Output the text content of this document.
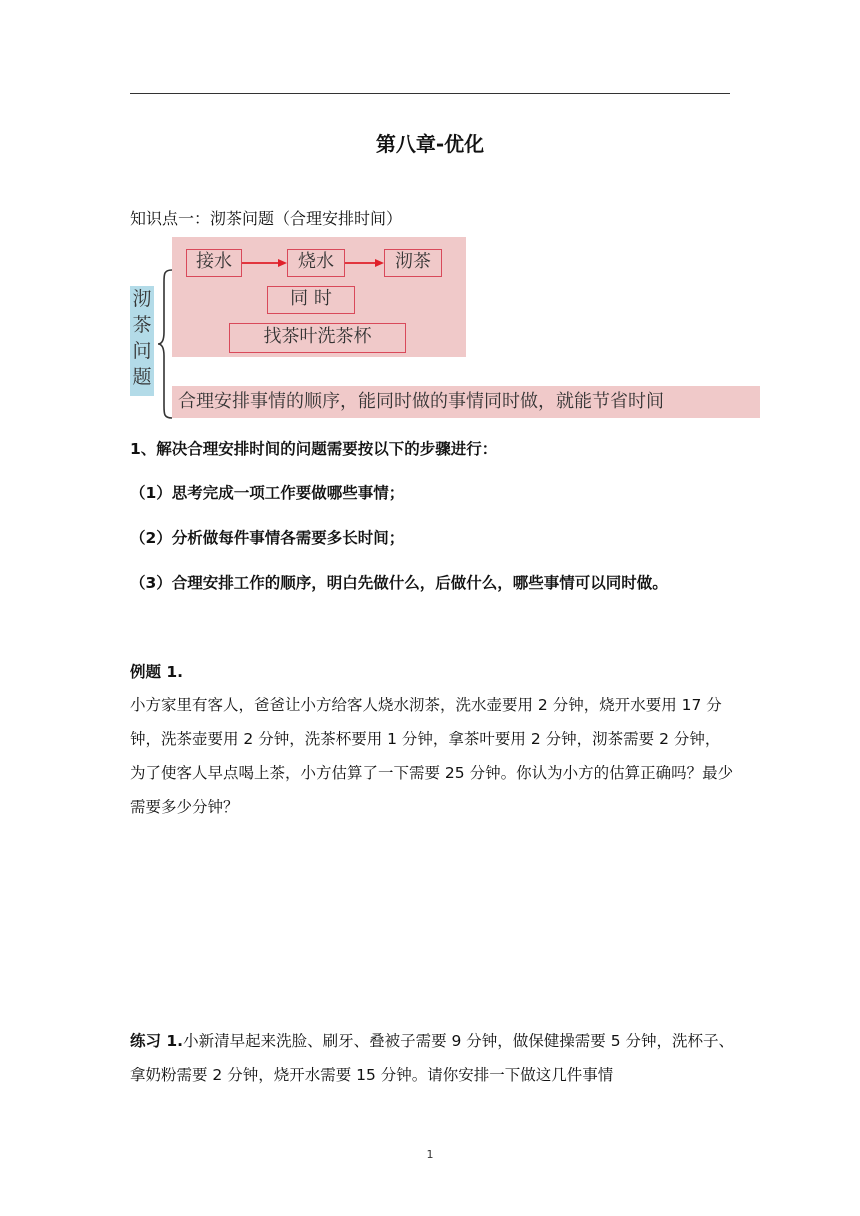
第八章-优化
知识点一：沏茶问题（合理安排时间）
沏
茶
问
题
接水	烧水	沏茶
同 时
找茶叶洗茶杯
合理安排事情的顺序，能同时做的事情同时做，就能节省时间
1、解决合理安排时间的问题需要按以下的步骤进行：
（1）思考完成一项工作要做哪些事情；
（2）分析做每件事情各需要多长时间；
（3）合理安排工作的顺序，明白先做什么，后做什么，哪些事情可以同时做。
例题 1.
小方家里有客人，爸爸让小方给客人烧水沏茶，洗水壶要用 2 分钟，烧开水要用 17 分钟，洗茶壶要用 2 分钟，洗茶杯要用 1 分钟，拿茶叶要用 2 分钟，沏茶需要 2 分钟，为了使客人早点喝上茶，小方估算了一下需要 25 分钟。你认为小方的估算正确吗？最少需要多少分钟？
练习 1.小新清早起来洗脸、刷牙、叠被子需要 9 分钟，做保健操需要 5 分钟，洗杯子、拿奶粉需要 2 分钟，烧开水需要 15 分钟。请你安排一下做这几件事情
1
